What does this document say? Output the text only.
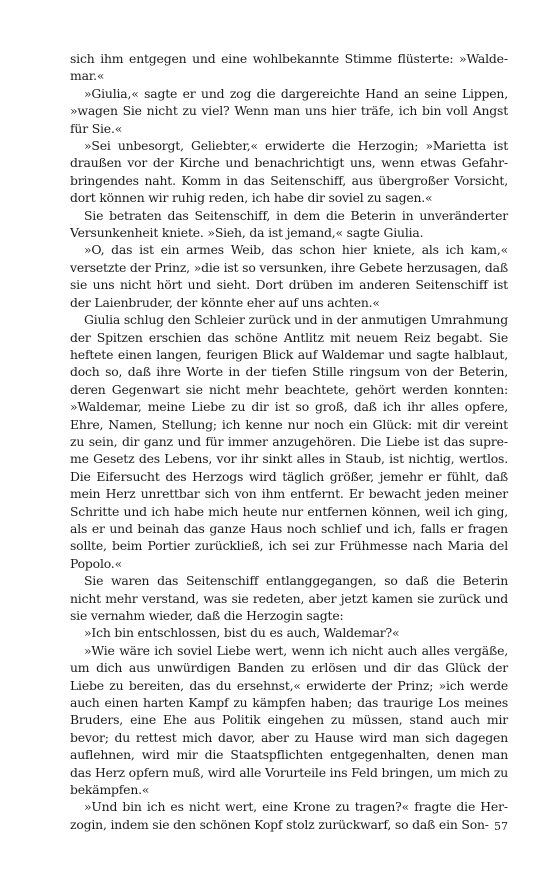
sich ihm entgegen und eine wohlbekannte Stimme flüsterte: »Waldemar.«

»Giulia,« sagte er und zog die dargereichte Hand an seine Lippen, »wagen Sie nicht zu viel? Wenn man uns hier träfe, ich bin voll Angst für Sie.«

»Sei unbesorgt, Geliebter,« erwiderte die Herzogin; »Marietta ist draußen vor der Kirche und benachrichtigt uns, wenn etwas Gefahrbringendes naht. Komm in das Seitenschiff, aus übergroßer Vorsicht, dort können wir ruhig reden, ich habe dir soviel zu sagen.«

Sie betraten das Seitenschiff, in dem die Beterin in unveränderter Versunkenheit kniete. »Sieh, da ist jemand,« sagte Giulia.

»O, das ist ein armes Weib, das schon hier kniete, als ich kam,« versetzte der Prinz, »die ist so versunken, ihre Gebete herzusagen, daß sie uns nicht hört und sieht. Dort drüben im anderen Seitenschiff ist der Laienbruder, der könnte eher auf uns achten.«

Giulia schlug den Schleier zurück und in der anmutigen Umrahmung der Spitzen erschien das schöne Antlitz mit neuem Reiz begabt. Sie heftete einen langen, feurigen Blick auf Waldemar und sagte halblaut, doch so, daß ihre Worte in der tiefen Stille ringsum von der Beterin, deren Gegenwart sie nicht mehr beachtete, gehört werden konnten: »Waldemar, meine Liebe zu dir ist so groß, daß ich ihr alles opfere, Ehre, Namen, Stellung; ich kenne nur noch ein Glück: mit dir vereint zu sein, dir ganz und für immer anzugehören. Die Liebe ist das supreme Gesetz des Lebens, vor ihr sinkt alles in Staub, ist nichtig, wertlos. Die Eifersucht des Herzogs wird täglich größer, jemehr er fühlt, daß mein Herz unrettbar sich von ihm entfernt. Er bewacht jeden meiner Schritte und ich habe mich heute nur entfernen können, weil ich ging, als er und beinah das ganze Haus noch schlief und ich, falls er fragen sollte, beim Portier zurückließ, ich sei zur Frühmesse nach Maria del Popolo.«

Sie waren das Seitenschiff entlanggegangen, so daß die Beterin nicht mehr verstand, was sie redeten, aber jetzt kamen sie zurück und sie vernahm wieder, daß die Herzogin sagte:

»Ich bin entschlossen, bist du es auch, Waldemar?«

»Wie wäre ich soviel Liebe wert, wenn ich nicht auch alles vergäße, um dich aus unwürdigen Banden zu erlösen und dir das Glück der Liebe zu bereiten, das du ersehnst,« erwiderte der Prinz; »ich werde auch einen harten Kampf zu kämpfen haben; das traurige Los meines Bruders, eine Ehe aus Politik eingehen zu müssen, stand auch mir bevor; du rettest mich davor, aber zu Hause wird man sich dagegen auflehnen, wird mir die Staatspflichten entgegenhalten, denen man das Herz opfern muß, wird alle Vorurteile ins Feld bringen, um mich zu bekämpfen.«

»Und bin ich es nicht wert, eine Krone zu tragen?« fragte die Herzogin, indem sie den schönen Kopf stolz zurückwarf, so daß ein Son- 57
